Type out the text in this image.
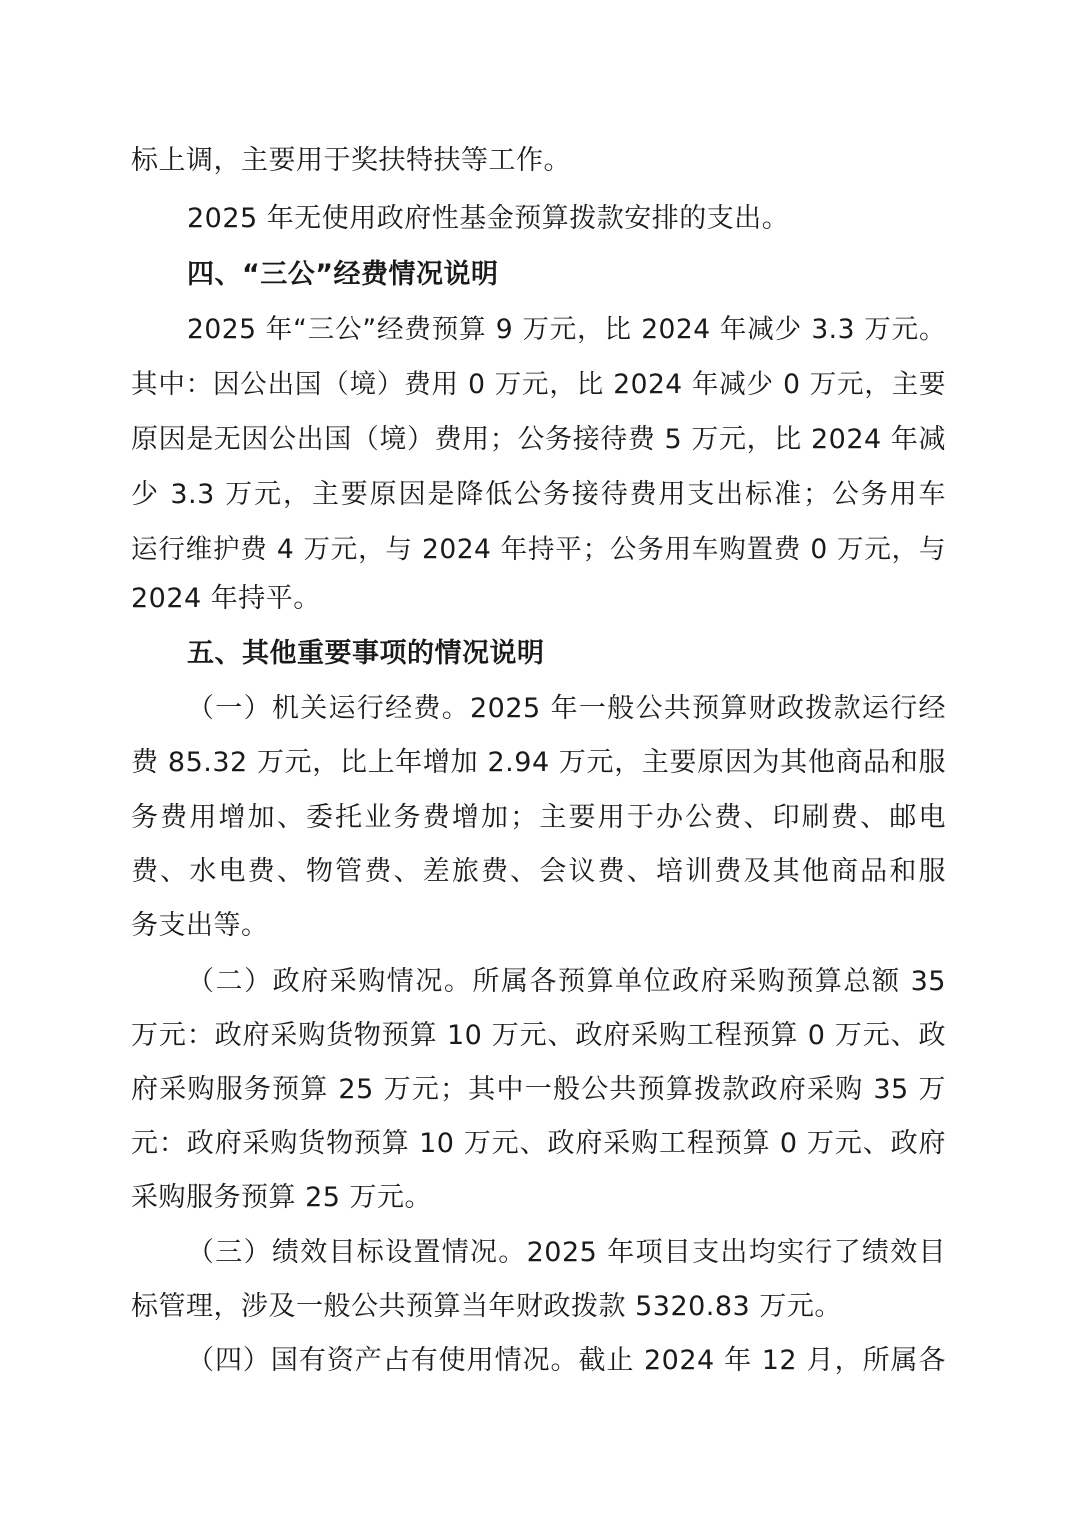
标上调，主要用于奖扶特扶等工作。
2025 年无使用政府性基金预算拨款安排的支出。
四、“三公”经费情况说明
2025 年“三公”经费预算 9 万元，比 2024 年减少 3.3 万元。
其中：因公出国（境）费用 0 万元，比 2024 年减少 0 万元，主要
原因是无因公出国（境）费用；公务接待费 5 万元，比 2024 年减
少 3.3 万元，主要原因是降低公务接待费用支出标准；公务用车
运行维护费 4 万元，与 2024 年持平；公务用车购置费 0 万元，与
2024 年持平。
五、其他重要事项的情况说明
（一）机关运行经费。2025 年一般公共预算财政拨款运行经
费 85.32 万元，比上年增加 2.94 万元，主要原因为其他商品和服
务费用增加、委托业务费增加；主要用于办公费、印刷费、邮电
费、水电费、物管费、差旅费、会议费、培训费及其他商品和服
务支出等。
（二）政府采购情况。所属各预算单位政府采购预算总额 35
万元：政府采购货物预算 10 万元、政府采购工程预算 0 万元、政
府采购服务预算 25 万元；其中一般公共预算拨款政府采购 35 万
元：政府采购货物预算 10 万元、政府采购工程预算 0 万元、政府
采购服务预算 25 万元。
（三）绩效目标设置情况。2025 年项目支出均实行了绩效目
标管理，涉及一般公共预算当年财政拨款 5320.83 万元。
（四）国有资产占有使用情况。截止 2024 年 12 月，所属各
